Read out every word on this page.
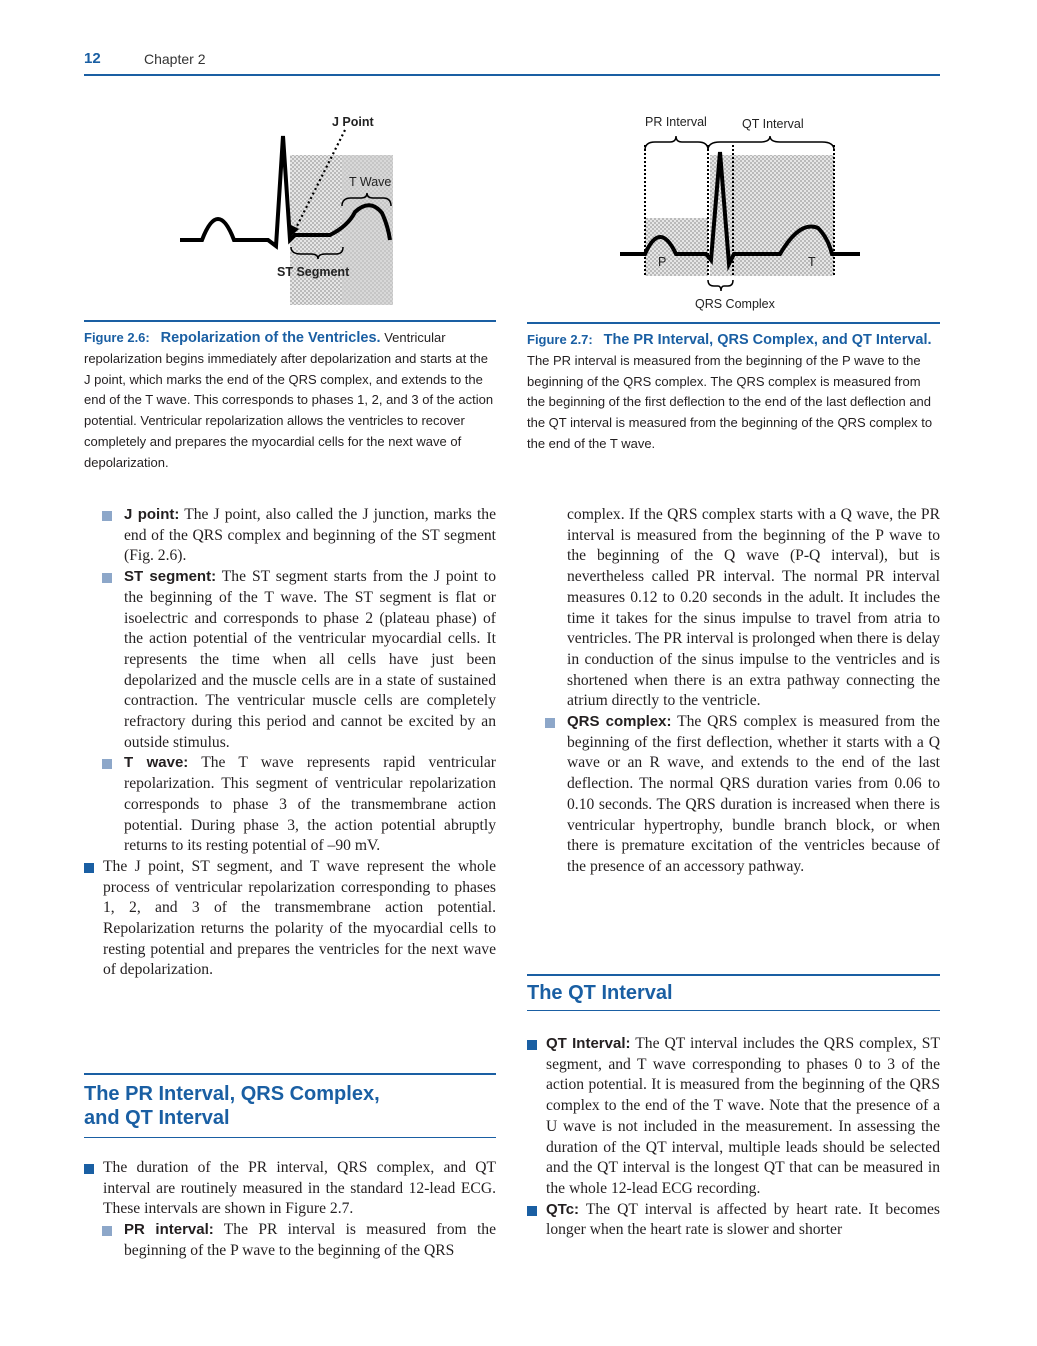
12	Chapter 2
J Point
T Wave
ST Segment
PR Interval	QT Interval
P	T
QRS Complex
Figure 2.6: Repolarization of the Ventricles. Ventricular repolarization begins immediately after depolarization and starts at the J point, which marks the end of the QRS complex, and extends to the end of the T wave. This corresponds to phases 1, 2, and 3 of the action potential. Ventricular repolarization allows the ventricles to recover completely and prepares the myocardial cells for the next wave of depolarization.
Figure 2.7: The PR Interval, QRS Complex, and QT Interval. The PR interval is measured from the beginning of the P wave to the beginning of the QRS complex. The QRS complex is measured from the beginning of the first deflection to the end of the last deflection and the QT interval is measured from the beginning of the QRS complex to the end of the T wave.
J point: The J point, also called the J junction, marks the end of the QRS complex and beginning of the ST segment (Fig. 2.6).
ST segment: The ST segment starts from the J point to the beginning of the T wave. The ST segment is flat or isoelectric and corresponds to phase 2 (plateau phase) of the action potential of the ventricular myocardial cells. It represents the time when all cells have just been depolarized and the muscle cells are in a state of sustained contraction. The ventricular muscle cells are completely refractory during this period and cannot be excited by an outside stimulus.
T wave: The T wave represents rapid ventricular repolarization. This segment of ventricular repolarization corresponds to phase 3 of the transmembrane action potential. During phase 3, the action potential abruptly returns to its resting potential of –90 mV.
The J point, ST segment, and T wave represent the whole process of ventricular repolarization corresponding to phases 1, 2, and 3 of the transmembrane action potential. Repolarization returns the polarity of the myocardial cells to resting potential and prepares the ventricles for the next wave of depolarization.
The PR Interval, QRS Complex, and QT Interval
The duration of the PR interval, QRS complex, and QT interval are routinely measured in the standard 12-lead ECG. These intervals are shown in Figure 2.7.
PR interval: The PR interval is measured from the beginning of the P wave to the beginning of the QRS
complex. If the QRS complex starts with a Q wave, the PR interval is measured from the beginning of the P wave to the beginning of the Q wave (P-Q interval), but is nevertheless called PR interval. The normal PR interval measures 0.12 to 0.20 seconds in the adult. It includes the time it takes for the sinus impulse to travel from atria to ventricles. The PR interval is prolonged when there is delay in conduction of the sinus impulse to the ventricles and is shortened when there is an extra pathway connecting the atrium directly to the ventricle.
QRS complex: The QRS complex is measured from the beginning of the first deflection, whether it starts with a Q wave or an R wave, and extends to the end of the last deflection. The normal QRS duration varies from 0.06 to 0.10 seconds. The QRS duration is increased when there is ventricular hypertrophy, bundle branch block, or when there is premature excitation of the ventricles because of the presence of an accessory pathway.
The QT Interval
QT Interval: The QT interval includes the QRS complex, ST segment, and T wave corresponding to phases 0 to 3 of the action potential. It is measured from the beginning of the QRS complex to the end of the T wave. Note that the presence of a U wave is not included in the measurement. In assessing the duration of the QT interval, multiple leads should be selected and the QT interval is the longest QT that can be measured in the whole 12-lead ECG recording.
QTc: The QT interval is affected by heart rate. It becomes longer when the heart rate is slower and shorter
